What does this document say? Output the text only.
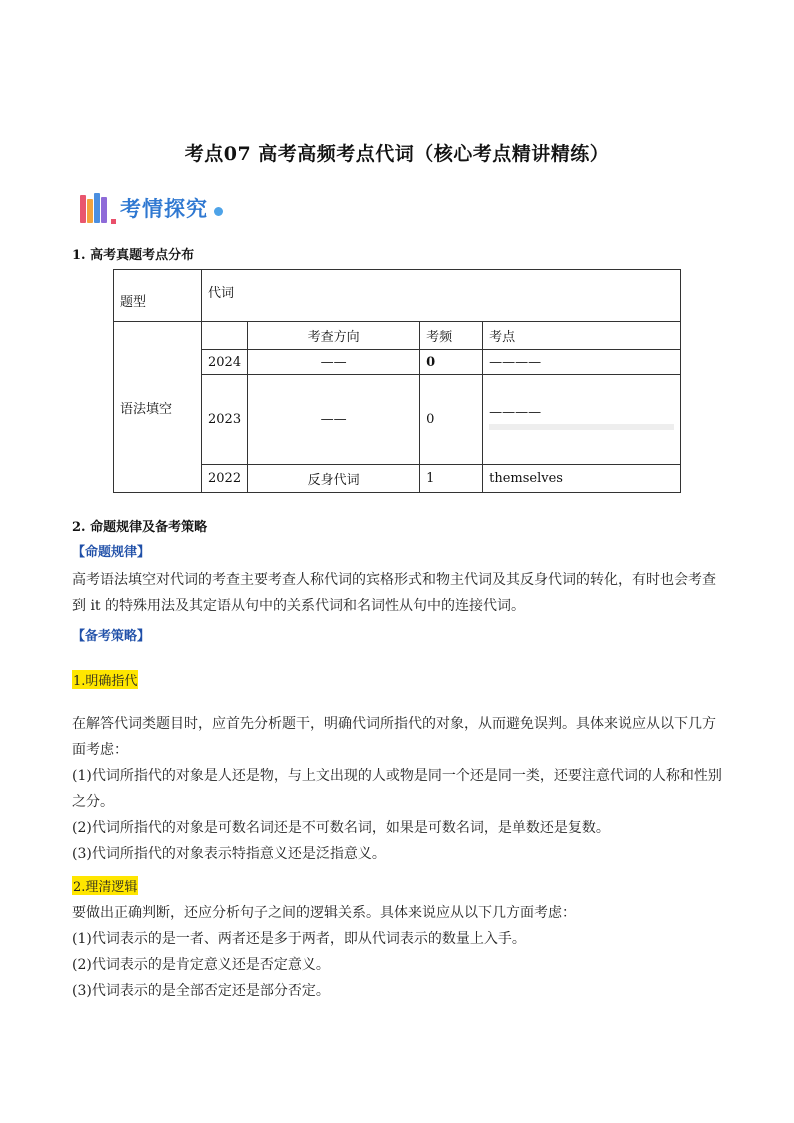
考点07 高考高频考点代词（核心考点精讲精练）
考情探究
1. 高考真题考点分布
题型	代词			
语法填空		考查方向	考频	考点
	2024	——	0	————
	2023	——	0	————

	2022	反身代词	1	themselves
2. 命题规律及备考策略
【命题规律】
高考语法填空对代词的考查主要考查人称代词的宾格形式和物主代词及其反身代词的转化，有时也会考查
到 it 的特殊用法及其定语从句中的关系代词和名词性从句中的连接代词。
【备考策略】
1.明确指代
在解答代词类题目时，应首先分析题干，明确代词所指代的对象，从而避免误判。具体来说应从以下几方
面考虑：
(1)代词所指代的对象是人还是物，与上文出现的人或物是同一个还是同一类，还要注意代词的人称和性别
之分。
(2)代词所指代的对象是可数名词还是不可数名词，如果是可数名词，是单数还是复数。
(3)代词所指代的对象表示特指意义还是泛指意义。
2.理清逻辑
要做出正确判断，还应分析句子之间的逻辑关系。具体来说应从以下几方面考虑：
(1)代词表示的是一者、两者还是多于两者，即从代词表示的数量上入手。
(2)代词表示的是肯定意义还是否定意义。
(3)代词表示的是全部否定还是部分否定。
